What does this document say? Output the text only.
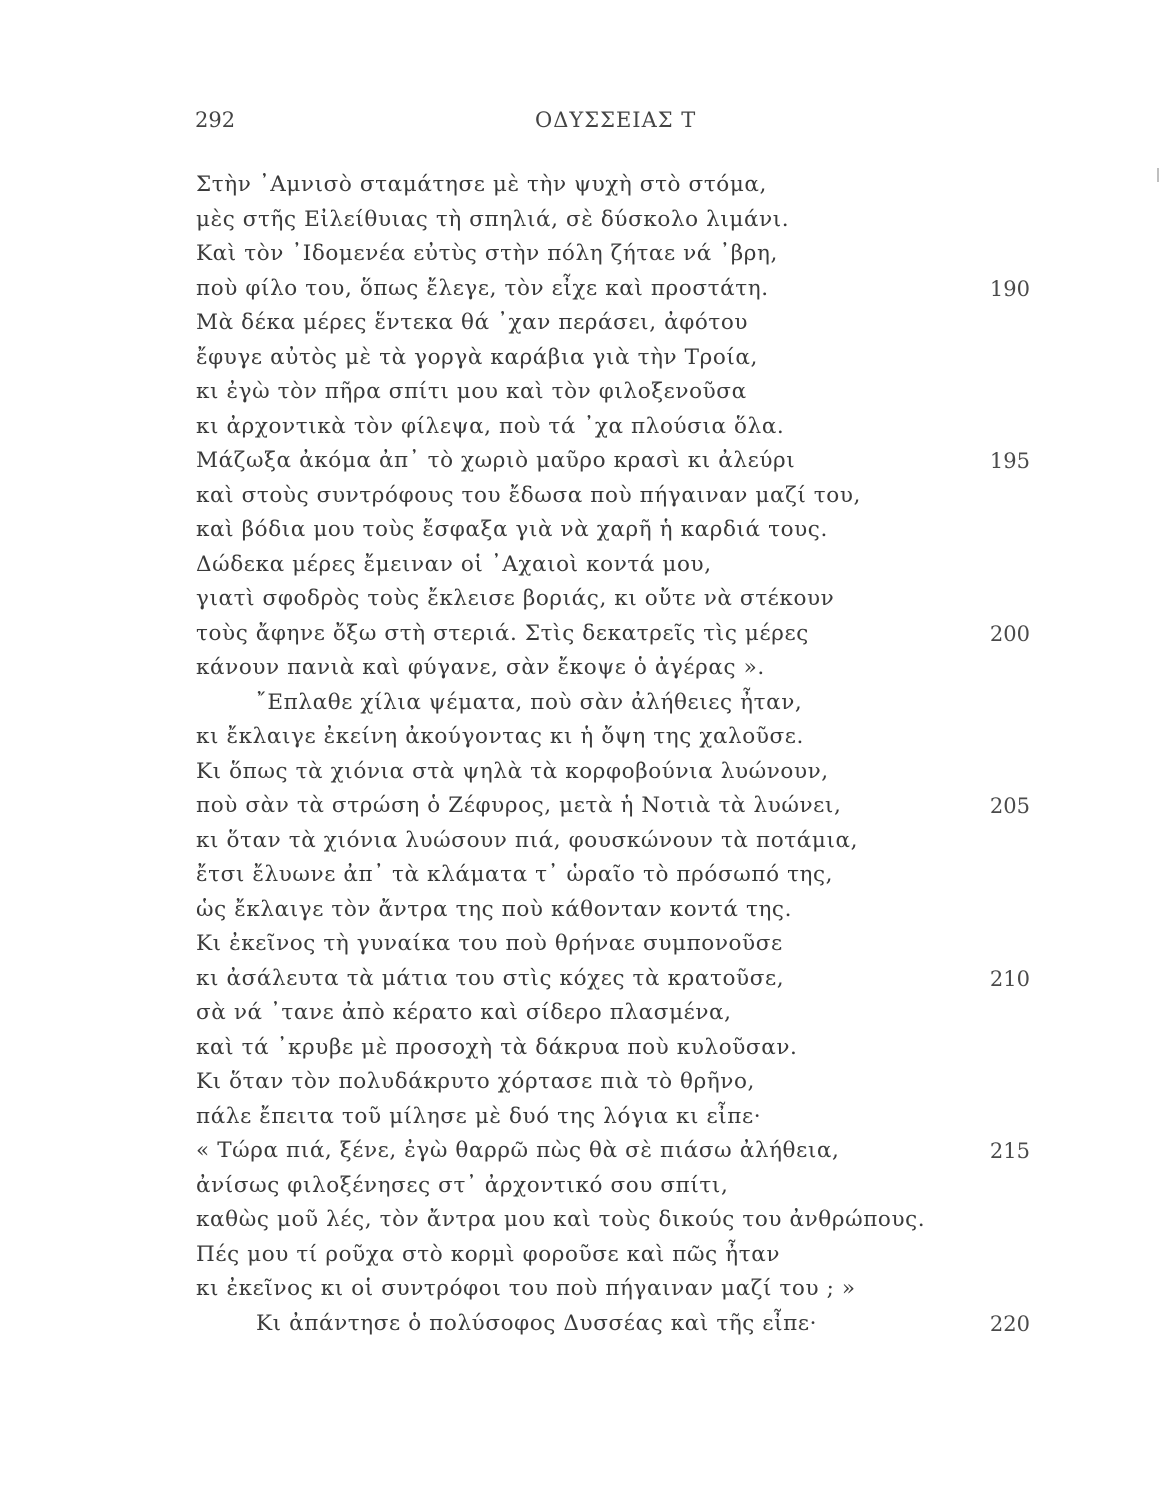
292	ΟΔΥΣΣΕΙΑΣ Τ
Στὴν ᾿Αμνισὸ σταμάτησε μὲ τὴν ψυχὴ στὸ στόμα,
μὲς στῆς Εἰλείθυιας τὴ σπηλιά, σὲ δύσκολο λιμάνι.
Καὶ τὸν ᾿Ιδομενέα εὐτὺς στὴν πόλη ζήταε νά ᾿βρη,
ποὺ φίλο του, ὅπως ἔλεγε, τὸν εἶχε καὶ προστάτη.	190
Μὰ δέκα μέρες ἕντεκα θά ᾿χαν περάσει, ἀφότου
ἔφυγε αὐτὸς μὲ τὰ γοργὰ καράβια γιὰ τὴν Τροία,
κι ἐγὼ τὸν πῆρα σπίτι μου καὶ τὸν φιλοξενοῦσα
κι ἀρχοντικὰ τὸν φίλεψα, ποὺ τά ᾿χα πλούσια ὅλα.
Μάζωξα ἀκόμα ἀπ᾿ τὸ χωριὸ μαῦρο κρασὶ κι ἀλεύρι	195
καὶ στοὺς συντρόφους του ἔδωσα ποὺ πήγαιναν μαζί του,
καὶ βόδια μου τοὺς ἔσφαξα γιὰ νὰ χαρῆ ἡ καρδιά τους.
Δώδεκα μέρες ἔμειναν οἱ ᾿Αχαιοὶ κοντά μου,
γιατὶ σφοδρὸς τοὺς ἔκλεισε βοριάς, κι οὔτε νὰ στέκουν
τοὺς ἄφηνε ὄξω στὴ στεριά. Στὶς δεκατρεῖς τὶς μέρες	200
κάνουν πανιὰ καὶ φύγανε, σὰν ἔκοψε ὁ ἀγέρας ».
῎Επλαθε χίλια ψέματα, ποὺ σὰν ἀλήθειες ἦταν,
κι ἔκλαιγε ἐκείνη ἀκούγοντας κι ἡ ὄψη της χαλοῦσε.
Κι ὅπως τὰ χιόνια στὰ ψηλὰ τὰ κορφοβούνια λυώνουν,
ποὺ σὰν τὰ στρώση ὁ Ζέφυρος, μετὰ ἡ Νοτιὰ τὰ λυώνει,	205
κι ὅταν τὰ χιόνια λυώσουν πιά, φουσκώνουν τὰ ποτάμια,
ἔτσι ἔλυωνε ἀπ᾿ τὰ κλάματα τ᾿ ὡραῖο τὸ πρόσωπό της,
ὡς ἔκλαιγε τὸν ἄντρα της ποὺ κάθονταν κοντά της.
Κι ἐκεῖνος τὴ γυναίκα του ποὺ θρήναε συμπονοῦσε
κι ἀσάλευτα τὰ μάτια του στὶς κόχες τὰ κρατοῦσε,	210
σὰ νά ᾿τανε ἀπὸ κέρατο καὶ σίδερο πλασμένα,
καὶ τά ᾿κρυβε μὲ προσοχὴ τὰ δάκρυα ποὺ κυλοῦσαν.
Κι ὅταν τὸν πολυδάκρυτο χόρτασε πιὰ τὸ θρῆνο,
πάλε ἔπειτα τοῦ μίλησε μὲ δυό της λόγια κι εἶπε·
« Τώρα πιά, ξένε, ἐγὼ θαρρῶ πὼς θὰ σὲ πιάσω ἀλήθεια,	215
ἀνίσως φιλοξένησες στ᾿ ἀρχοντικό σου σπίτι,
καθὼς μοῦ λές, τὸν ἄντρα μου καὶ τοὺς δικούς του ἀνθρώπους.
Πές μου τί ροῦχα στὸ κορμὶ φοροῦσε καὶ πῶς ἦταν
κι ἐκεῖνος κι οἱ συντρόφοι του ποὺ πήγαιναν μαζί του ; »
Κι ἀπάντησε ὁ πολύσοφος Δυσσέας καὶ τῆς εἶπε·	220
